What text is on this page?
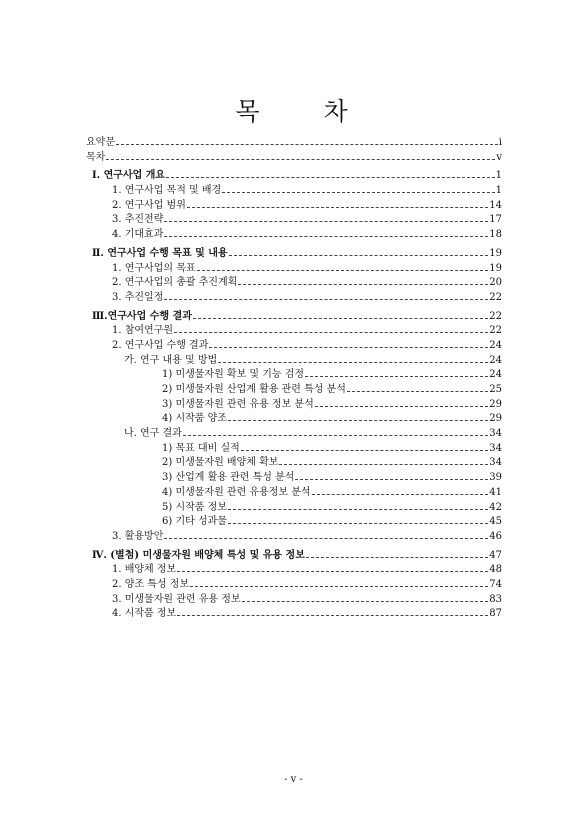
목 차
요약문	i
목차	v
Ⅰ. 연구사업 개요	1
1. 연구사업 목적 및 배경	1
2. 연구사업 범위	14
3. 추진전략	17
4. 기대효과	18
Ⅱ. 연구사업 수행 목표 및 내용	19
1. 연구사업의 목표	19
2. 연구사업의 총괄 추진계획	20
3. 추진일정	22
Ⅲ.연구사업 수행 결과	22
1. 참여연구원	22
2. 연구사업 수행 결과	24
가. 연구 내용 및 방법	24
1) 미생물자원 확보 및 기능 검정	24
2) 미생물자원 산업계 활용 관련 특성 분석	25
3) 미생물자원 관련 유용 정보 분석	29
4) 시작품 양조	29
나. 연구 결과	34
1) 목표 대비 실적	34
2) 미생물자원 배양체 확보	34
3) 산업계 활용 관련 특성 분석	39
4) 미생물자원 관련 유용정보 분석	41
5) 시작품 정보	42
6) 기타 성과물	45
3. 활용방안	46
Ⅳ. (별첨) 미생물자원 배양체 특성 및 유용 정보	47
1. 배양체 정보	48
2. 양조 특성 정보	74
3. 미생물자원 관련 유용 정보	83
4. 시작품 정보	87
- v -
